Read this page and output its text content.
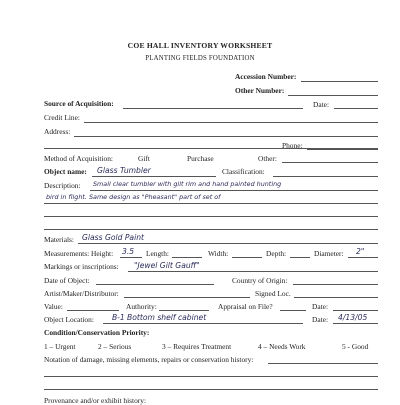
COE HALL INVENTORY WORKSHEET
PLANTING FIELDS FOUNDATION
Accession Number:
Other Number:
Source of Acquisition:	Date:
Credit Line:
Address:
Phone:
Method of Acquisition:	Gift	Purchase	Other:
Object name: Glass Tumbler	Classification:
Description: Small clear tumbler with gilt rim and hand painted hunting
bird in flight. Same design as "Pheasant" part of set of
Materials: Glass Gold Paint
Measurements: Height: 3.5 Length:	Width:	Depth:	Diameter: 2"
Markings or inscriptions: "Jewel Gilt Gauff"
Date of Object:	Country of Origin:
Artist/Maker/Distributor:	Signed Loc.
Value:	Authority:	Appraisal on File?	Date:
Object Location: B-1 Bottom shelf cabinet	Date: 4/13/05
Condition/Conservation Priority:
1 – Urgent	2 – Serious	3 – Requires Treatment	4 – Needs Work	5 - Good
Notation of damage, missing elements, repairs or conservation history:
Provenance and/or exhibit history:
